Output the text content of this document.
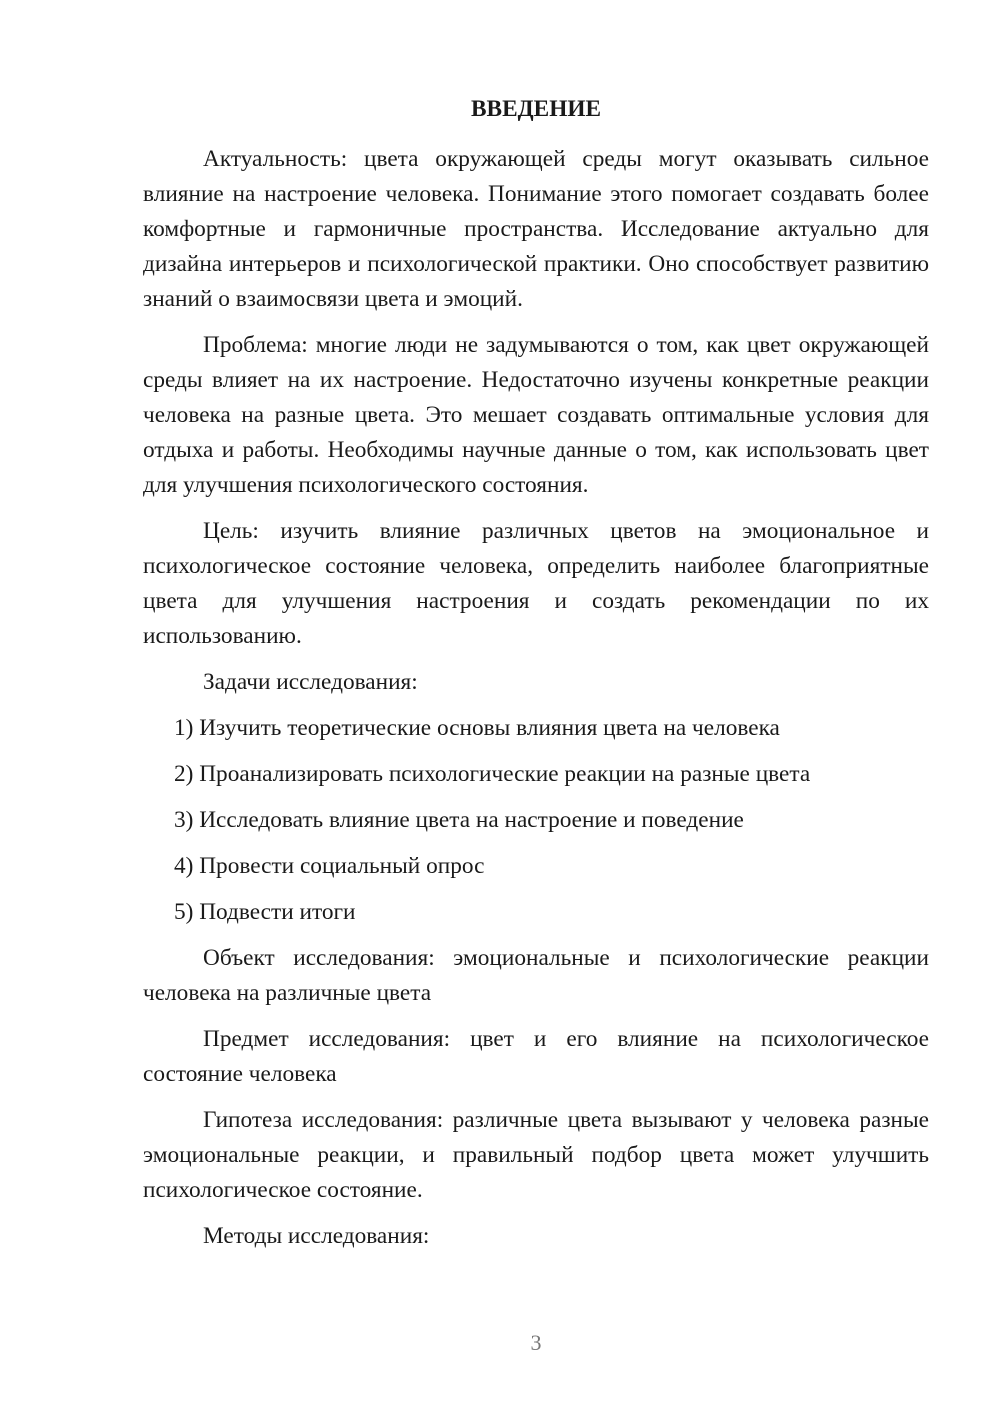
ВВЕДЕНИЕ

Актуальность: цвета окружающей среды могут оказывать сильное влияние на настроение человека. Понимание этого помогает создавать более комфортные и гармоничные пространства. Исследование актуально для дизайна интерьеров и психологической практики. Оно способствует развитию знаний о взаимосвязи цвета и эмоций.

Проблема: многие люди не задумываются о том, как цвет окружающей среды влияет на их настроение. Недостаточно изучены конкретные реакции человека на разные цвета. Это мешает создавать оптимальные условия для отдыха и работы. Необходимы научные данные о том, как использовать цвет для улучшения психологического состояния.

Цель: изучить влияние различных цветов на эмоциональное и психологическое состояние человека, определить наиболее благоприятные цвета для улучшения настроения и создать рекомендации по их использованию.

Задачи исследования:

1) Изучить теоретические основы влияния цвета на человека

2) Проанализировать психологические реакции на разные цвета

3) Исследовать влияние цвета на настроение и поведение

4) Провести социальный опрос

5) Подвести итоги

Объект исследования: эмоциональные и психологические реакции человека на различные цвета

Предмет исследования: цвет и его влияние на психологическое состояние человека

Гипотеза исследования: различные цвета вызывают у человека разные эмоциональные реакции, и правильный подбор цвета может улучшить психологическое состояние.

Методы исследования:

3
